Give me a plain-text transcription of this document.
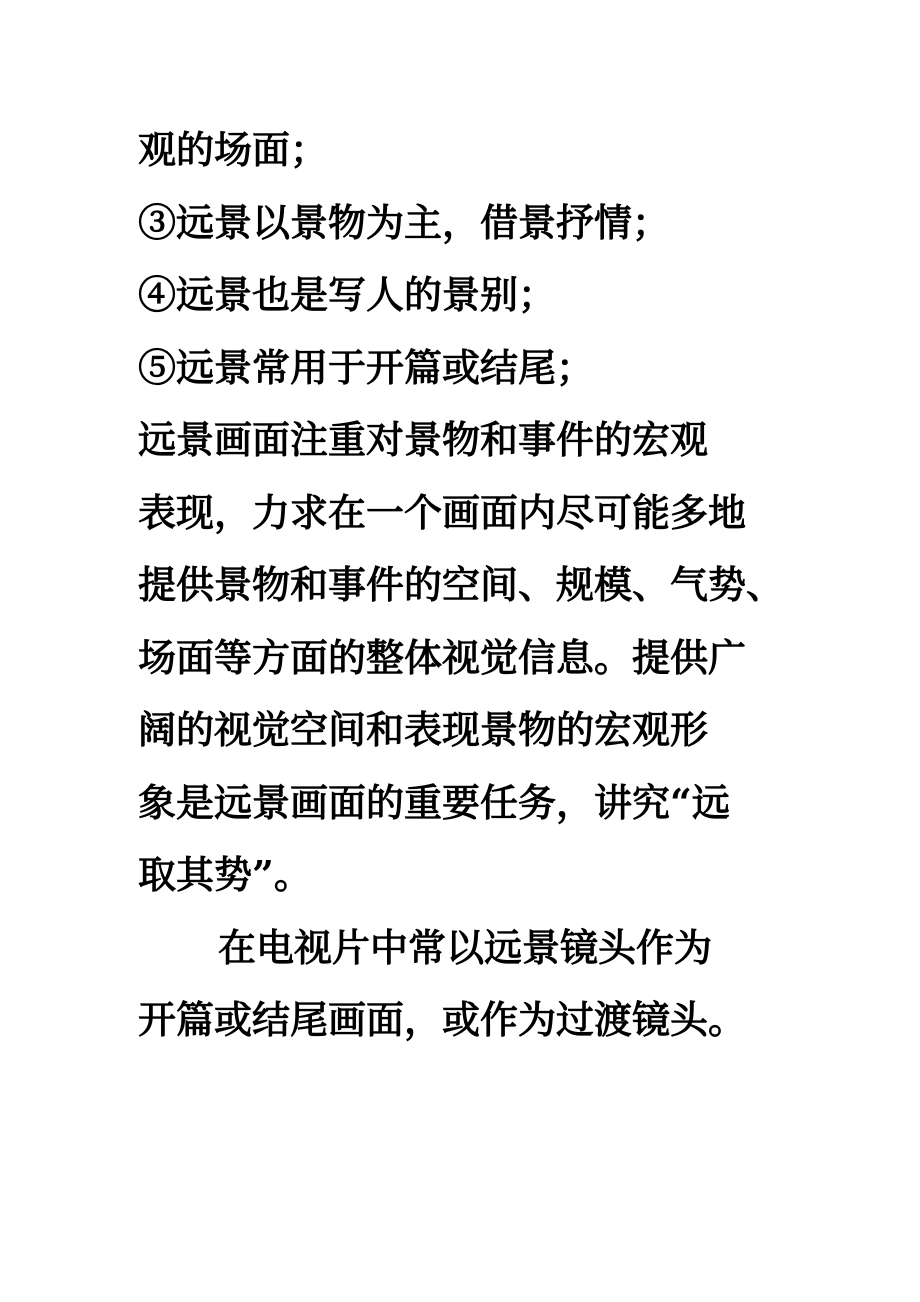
观的场面；
③远景以景物为主，借景抒情；
④远景也是写人的景别；
⑤远景常用于开篇或结尾；
远景画面注重对景物和事件的宏观
表现，力求在一个画面内尽可能多地
提供景物和事件的空间、规模、气势、
场面等方面的整体视觉信息。提供广
阔的视觉空间和表现景物的宏观形
象是远景画面的重要任务，讲究“远
取其势”。
在电视片中常以远景镜头作为
开篇或结尾画面，或作为过渡镜头。
